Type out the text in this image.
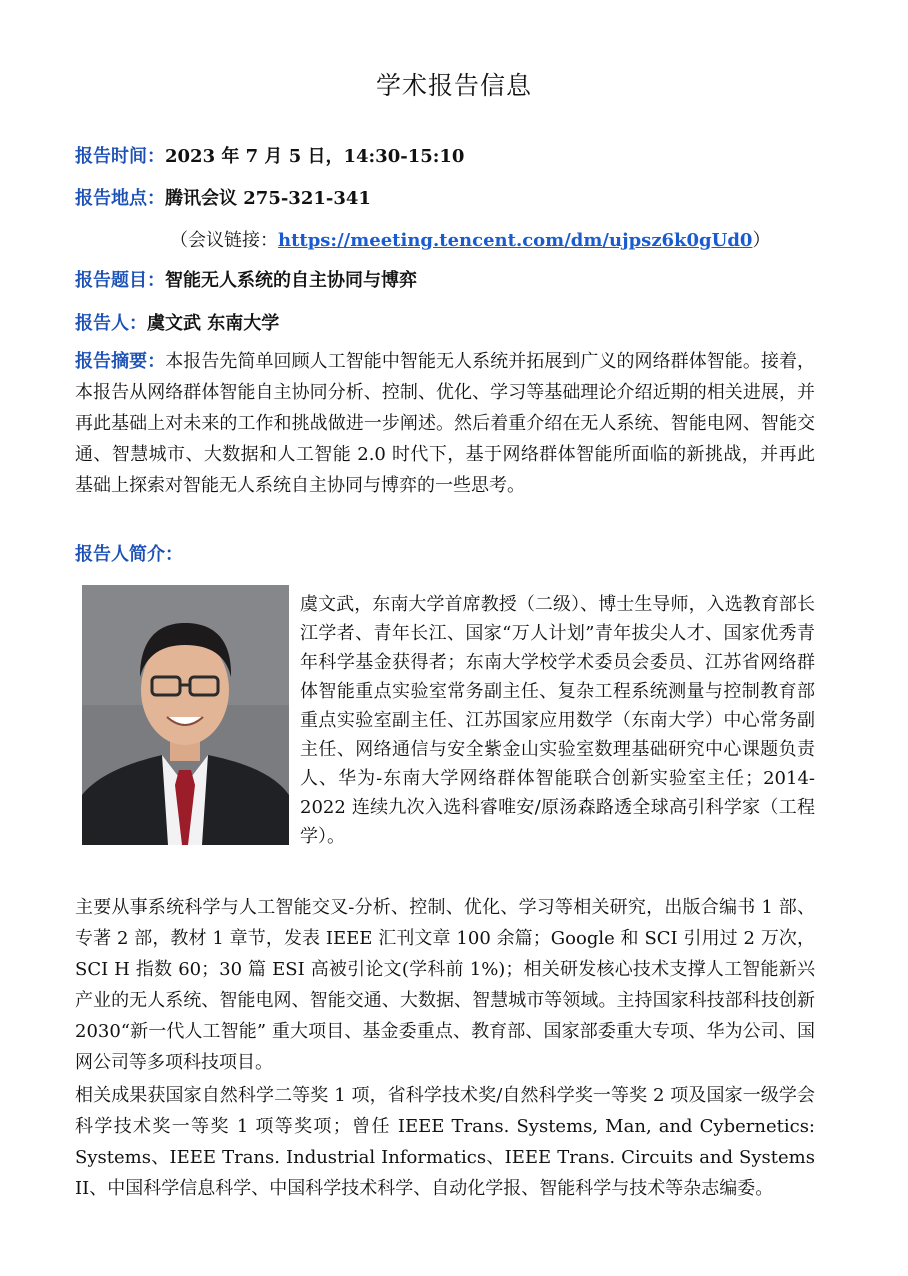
学术报告信息
报告时间：2023 年 7 月 5 日，14:30-15:10
报告地点：腾讯会议 275-321-341
（会议链接：https://meeting.tencent.com/dm/ujpsz6k0gUd0）
报告题目：智能无人系统的自主协同与博弈
报告人：虞文武 东南大学
报告摘要：本报告先简单回顾人工智能中智能无人系统并拓展到广义的网络群体智能。接着，本报告从网络群体智能自主协同分析、控制、优化、学习等基础理论介绍近期的相关进展，并再此基础上对未来的工作和挑战做进一步阐述。然后着重介绍在无人系统、智能电网、智能交通、智慧城市、大数据和人工智能 2.0 时代下，基于网络群体智能所面临的新挑战，并再此基础上探索对智能无人系统自主协同与博弈的一些思考。
报告人简介：
虞文武，东南大学首席教授（二级）、博士生导师，入选教育部长江学者、青年长江、国家“万人计划”青年拔尖人才、国家优秀青年科学基金获得者；东南大学校学术委员会委员、江苏省网络群体智能重点实验室常务副主任、复杂工程系统测量与控制教育部重点实验室副主任、江苏国家应用数学（东南大学）中心常务副主任、网络通信与安全紫金山实验室数理基础研究中心课题负责人、华为-东南大学网络群体智能联合创新实验室主任；2014-2022 连续九次入选科睿唯安/原汤森路透全球高引科学家（工程学）。
主要从事系统科学与人工智能交叉-分析、控制、优化、学习等相关研究，出版合编书 1 部、专著 2 部，教材 1 章节，发表 IEEE 汇刊文章 100 余篇；Google 和 SCI 引用过 2 万次，SCI H 指数 60；30 篇 ESI 高被引论文(学科前 1%)；相关研发核心技术支撑人工智能新兴产业的无人系统、智能电网、智能交通、大数据、智慧城市等领域。主持国家科技部科技创新 2030“新一代人工智能” 重大项目、基金委重点、教育部、国家部委重大专项、华为公司、国网公司等多项科技项目。
相关成果获国家自然科学二等奖 1 项，省科学技术奖/自然科学奖一等奖 2 项及国家一级学会科学技术奖一等奖 1 项等奖项；曾任 IEEE Trans. Systems, Man, and Cybernetics: Systems、IEEE Trans. Industrial Informatics、IEEE Trans. Circuits and Systems II、中国科学信息科学、中国科学技术科学、自动化学报、智能科学与技术等杂志编委。
